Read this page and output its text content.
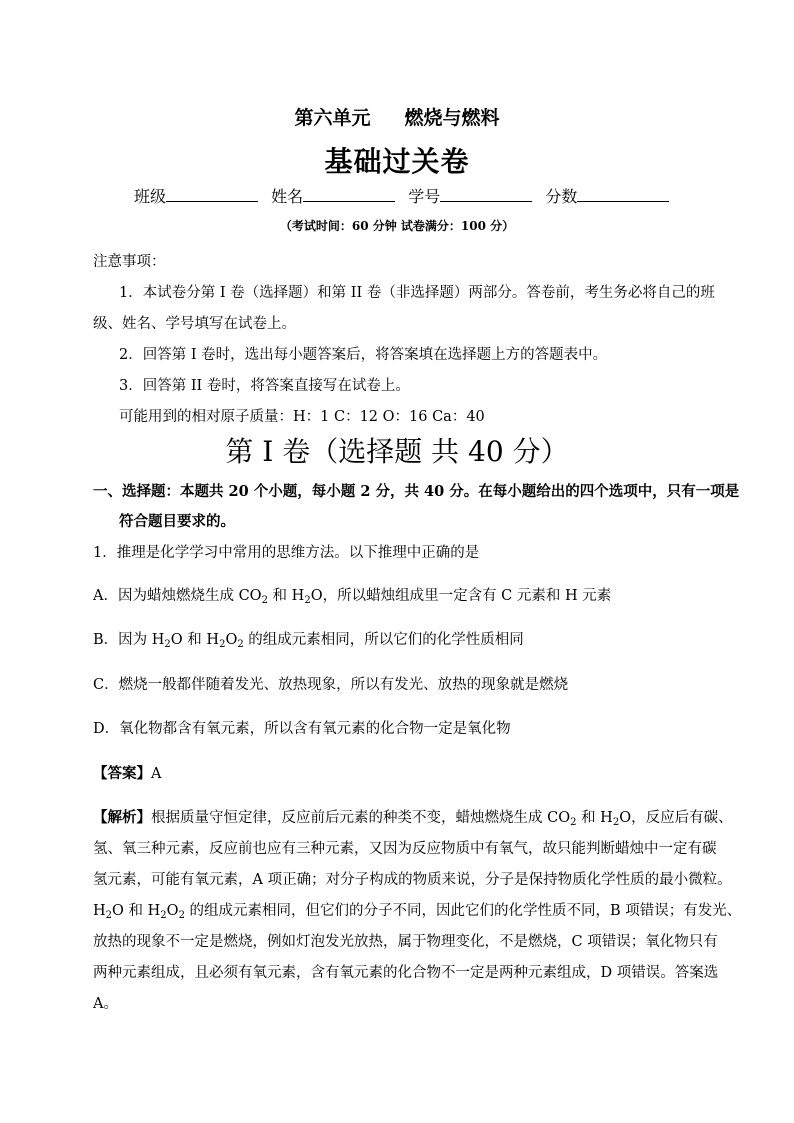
第六单元 燃烧与燃料
基础过关卷
班级	姓名	学号	分数
（考试时间：60 分钟 试卷满分：100 分）
注意事项：
1．本试卷分第 I 卷（选择题）和第 II 卷（非选择题）两部分。答卷前，考生务必将自己的班
级、姓名、学号填写在试卷上。
2．回答第 I 卷时，选出每小题答案后，将答案填在选择题上方的答题表中。
3．回答第 II 卷时，将答案直接写在试卷上。
可能用到的相对原子质量：H：1 C：12 O：16 Ca：40
第 I 卷（选择题 共 40 分）
一、选择题：本题共 20 个小题，每小题 2 分，共 40 分。在每小题给出的四个选项中，只有一项是
符合题目要求的。
1．推理是化学学习中常用的思维方法。以下推理中正确的是
A．因为蜡烛燃烧生成 $CO_2$ 和 $H_2O$，所以蜡烛组成里一定含有 C 元素和 H 元素
B．因为 $H_2O$ 和 $H_2O_2$ 的组成元素相同，所以它们的化学性质相同
C．燃烧一般都伴随着发光、放热现象，所以有发光、放热的现象就是燃烧
D．氧化物都含有氧元素，所以含有氧元素的化合物一定是氧化物
【答案】A
【解析】根据质量守恒定律，反应前后元素的种类不变，蜡烛燃烧生成 $CO_2$ 和 $H_2O$，反应后有碳、
氢、氧三种元素，反应前也应有三种元素，又因为反应物质中有氧气，故只能判断蜡烛中一定有碳
氢元素，可能有氧元素，A 项正确；对分子构成的物质来说，分子是保持物质化学性质的最小微粒。
$H_2O$ 和 $H_2O_2$ 的组成元素相同，但它们的分子不同，因此它们的化学性质不同，B 项错误；有发光、
放热的现象不一定是燃烧，例如灯泡发光放热，属于物理变化，不是燃烧，C 项错误；氧化物只有
两种元素组成，且必须有氧元素，含有氧元素的化合物不一定是两种元素组成，D 项错误。答案选
A。
